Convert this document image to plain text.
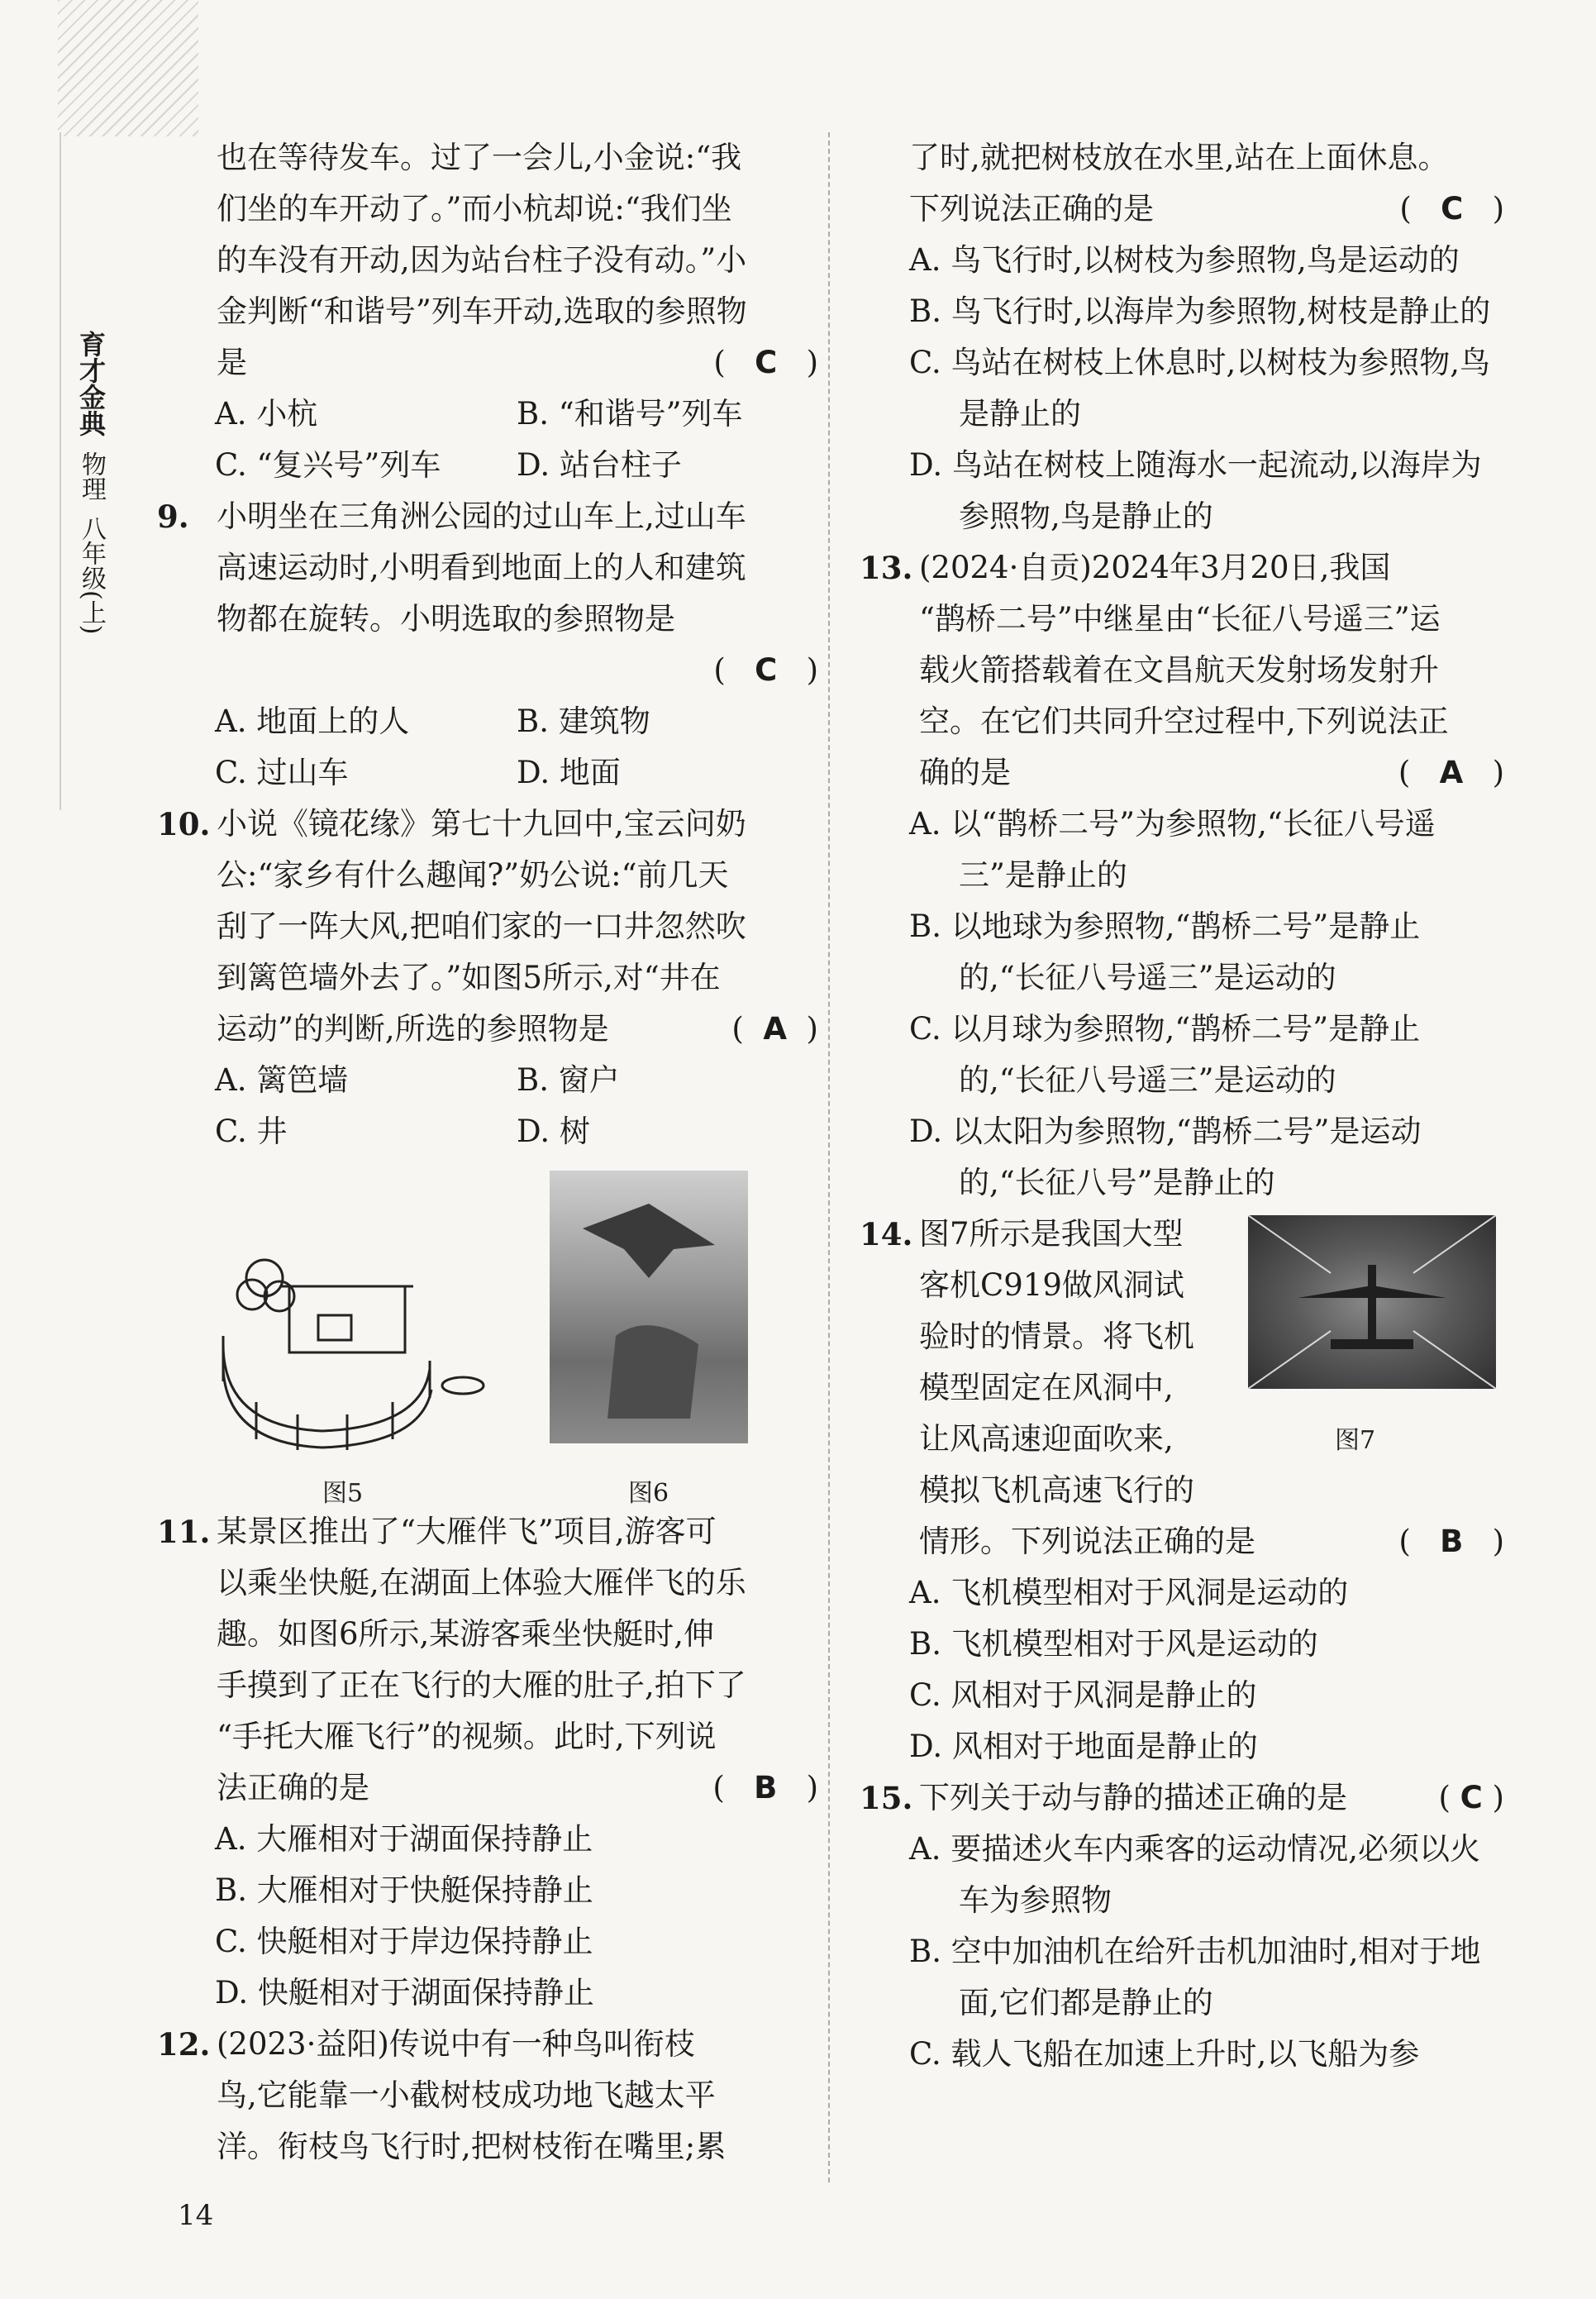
育才金典
物理
八年级(上)
也在等待发车。过了一会儿,小金说:“我
们坐的车开动了。”而小杭却说:“我们坐
的车没有开动,因为站台柱子没有动。”小
金判断“和谐号”列车开动,选取的参照物
是	(   C   )
A. 小杭	B. “和谐号”列车
C. “复兴号”列车	D. 站台柱子
9. 小明坐在三角洲公园的过山车上,过山车
高速运动时,小明看到地面上的人和建筑
物都在旋转。小明选取的参照物是
(   C   )

A. 地面上的人	B. 建筑物
C. 过山车	D. 地面
10. 小说《镜花缘》第七十九回中,宝云问奶
公:“家乡有什么趣闻?”奶公说:“前几天
刮了一阵大风,把咱们家的一口井忽然吹
到篱笆墙外去了。”如图5所示,对“井在
运动”的判断,所选的参照物是	(  A  )
A. 篱笆墙	B. 窗户
C. 井	D. 树
图5	图6
11. 某景区推出了“大雁伴飞”项目,游客可
以乘坐快艇,在湖面上体验大雁伴飞的乐
趣。如图6所示,某游客乘坐快艇时,伸
手摸到了正在飞行的大雁的肚子,拍下了
“手托大雁飞行”的视频。此时,下列说
法正确的是	(   B   )
A. 大雁相对于湖面保持静止
B. 大雁相对于快艇保持静止
C. 快艇相对于岸边保持静止
D. 快艇相对于湖面保持静止
12. (2023·益阳)传说中有一种鸟叫衔枝
鸟,它能靠一小截树枝成功地飞越太平
洋。衔枝鸟飞行时,把树枝衔在嘴里;累
了时,就把树枝放在水里,站在上面休息。
下列说法正确的是	(   C   )
A. 鸟飞行时,以树枝为参照物,鸟是运动的
B. 鸟飞行时,以海岸为参照物,树枝是静止的
C. 鸟站在树枝上休息时,以树枝为参照物,鸟是静止的
D. 鸟站在树枝上随海水一起流动,以海岸为参照物,鸟是静止的
13. (2024·自贡)2024年3月20日,我国
“鹊桥二号”中继星由“长征八号遥三”运
载火箭搭载着在文昌航天发射场发射升
空。在它们共同升空过程中,下列说法正
确的是	(   A   )
A. 以“鹊桥二号”为参照物,“长征八号遥三”是静止的
B. 以地球为参照物,“鹊桥二号”是静止的,“长征八号遥三”是运动的
C. 以月球为参照物,“鹊桥二号”是静止的,“长征八号遥三”是运动的
D. 以太阳为参照物,“鹊桥二号”是运动的,“长征八号”是静止的
14. 图7所示是我国大型
客机C919做风洞试
验时的情景。将飞机
模型固定在风洞中,
让风高速迎面吹来,
模拟飞机高速飞行的
情形。下列说法正确的是	(   B   )
图7
A. 飞机模型相对于风洞是运动的
B. 飞机模型相对于风是运动的
C. 风相对于风洞是静止的
D. 风相对于地面是静止的
15. 下列关于动与静的描述正确的是	( C )
A. 要描述火车内乘客的运动情况,必须以火车为参照物
B. 空中加油机在给歼击机加油时,相对于地面,它们都是静止的
C. 载人飞船在加速上升时,以飞船为参
14
